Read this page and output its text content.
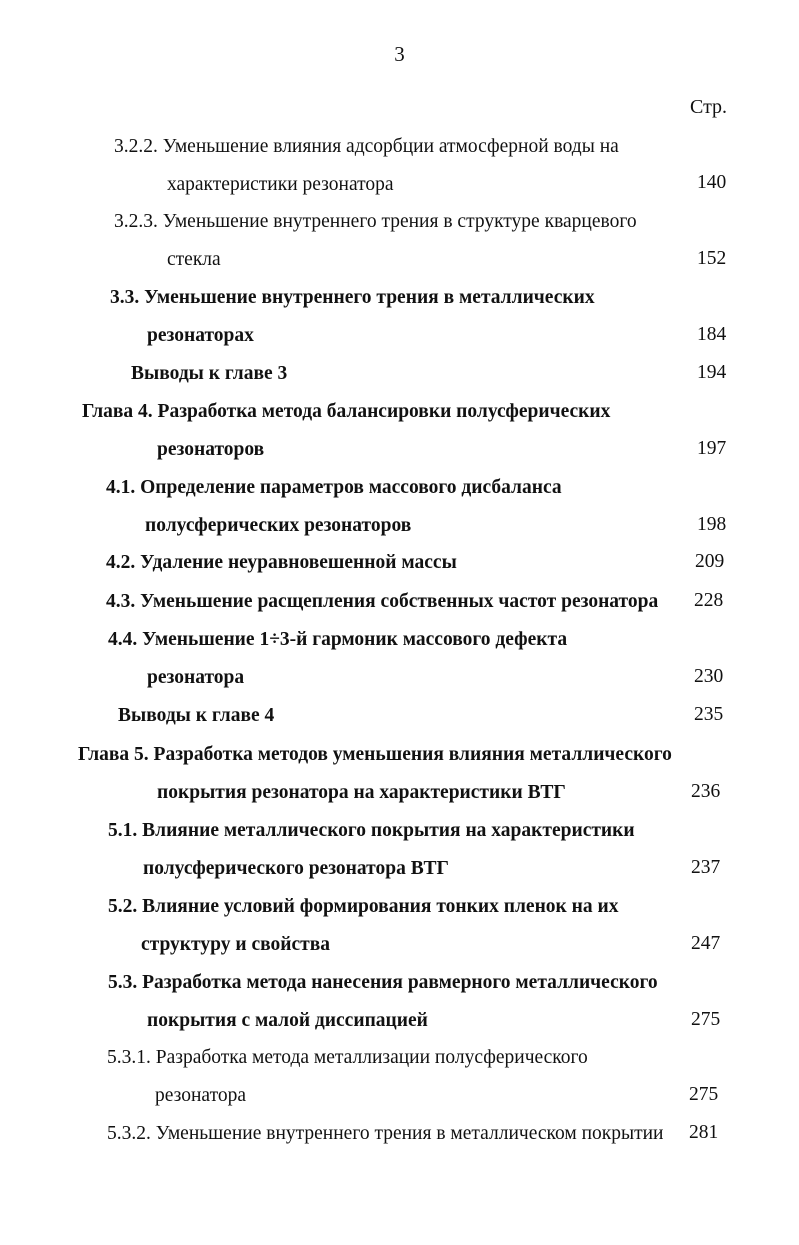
3
Стр.
3.2.2. Уменьшение влияния адсорбции атмосферной воды на
характеристики резонатора	140
3.2.3. Уменьшение внутреннего трения в структуре кварцевого
стекла	152
3.3. Уменьшение внутреннего трения в металлических
резонаторах	184
Выводы к главе 3	194
Глава 4. Разработка метода балансировки полусферических
резонаторов	197
4.1. Определение параметров массового дисбаланса
полусферических резонаторов	198
4.2. Удаление неуравновешенной массы	209
4.3. Уменьшение расщепления собственных частот резонатора 228
4.4. Уменьшение 1÷3-й гармоник массового дефекта
резонатора	230
Выводы к главе 4	235
Глава 5. Разработка методов уменьшения влияния металлического
покрытия резонатора на характеристики ВТГ	236
5.1. Влияние металлического покрытия на характеристики
полусферического резонатора ВТГ	237
5.2. Влияние условий формирования тонких пленок на их
структуру и свойства	247
5.3. Разработка метода нанесения равмерного металлического
покрытия с малой диссипацией	275
5.3.1. Разработка метода металлизации полусферического
резонатора	275
5.3.2. Уменьшение внутреннего трения в металлическом покрытии 281
